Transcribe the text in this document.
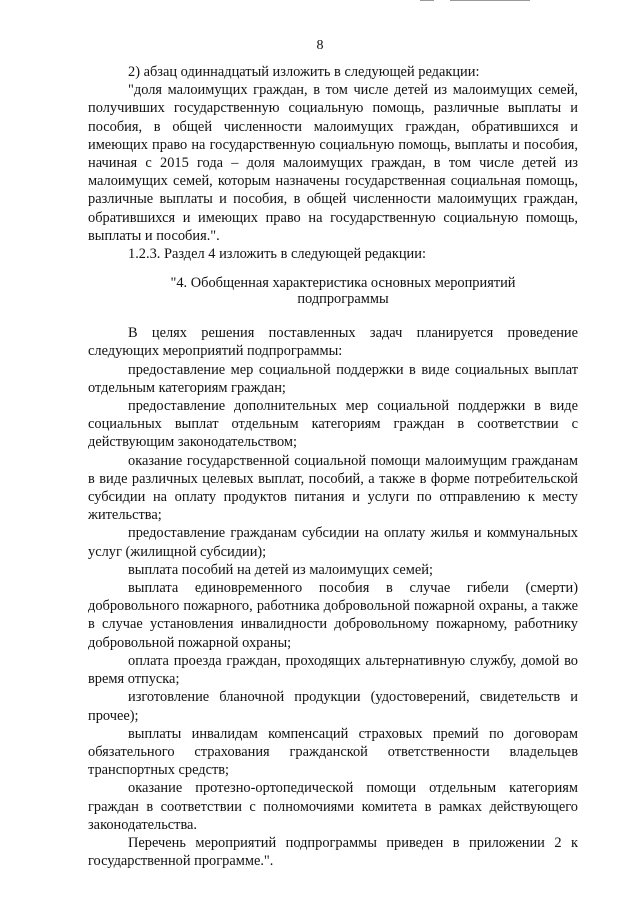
8

2) абзац одиннадцатый изложить в следующей редакции:

"доля малоимущих граждан, в том числе детей из малоимущих семей, получивших государственную социальную помощь, различные выплаты и пособия, в общей численности малоимущих граждан, обратившихся и имеющих право на государственную социальную помощь, выплаты и пособия, начиная с 2015 года – доля малоимущих граждан, в том числе детей из малоимущих семей, которым назначены государственная социальная помощь, различные выплаты и пособия, в общей численности малоимущих граждан, обратившихся и имеющих право на государственную социальную помощь, выплаты и пособия.".

1.2.3. Раздел 4 изложить в следующей редакции:

"4. Обобщенная характеристика основных мероприятий
подпрограммы

В целях решения поставленных задач планируется проведение следующих мероприятий подпрограммы:

предоставление мер социальной поддержки в виде социальных выплат отдельным категориям граждан;

предоставление дополнительных мер социальной поддержки в виде социальных выплат отдельным категориям граждан в соответствии с действующим законодательством;

оказание государственной социальной помощи малоимущим гражданам в виде различных целевых выплат, пособий, а также в форме потребительской субсидии на оплату продуктов питания и услуги по отправлению к месту жительства;

предоставление гражданам субсидии на оплату жилья и коммунальных услуг (жилищной субсидии);

выплата пособий на детей из малоимущих семей;

выплата единовременного пособия в случае гибели (смерти) добровольного пожарного, работника добровольной пожарной охраны, а также в случае установления инвалидности добровольному пожарному, работнику добровольной пожарной охраны;

оплата проезда граждан, проходящих альтернативную службу, домой во время отпуска;

изготовление бланочной продукции (удостоверений, свидетельств и прочее);

выплаты инвалидам компенсаций страховых премий по договорам обязательного страхования гражданской ответственности владельцев транспортных средств;

оказание протезно-ортопедической помощи отдельным категориям граждан в соответствии с полномочиями комитета в рамках действующего законодательства.

Перечень мероприятий подпрограммы приведен в приложении 2 к государственной программе.".
